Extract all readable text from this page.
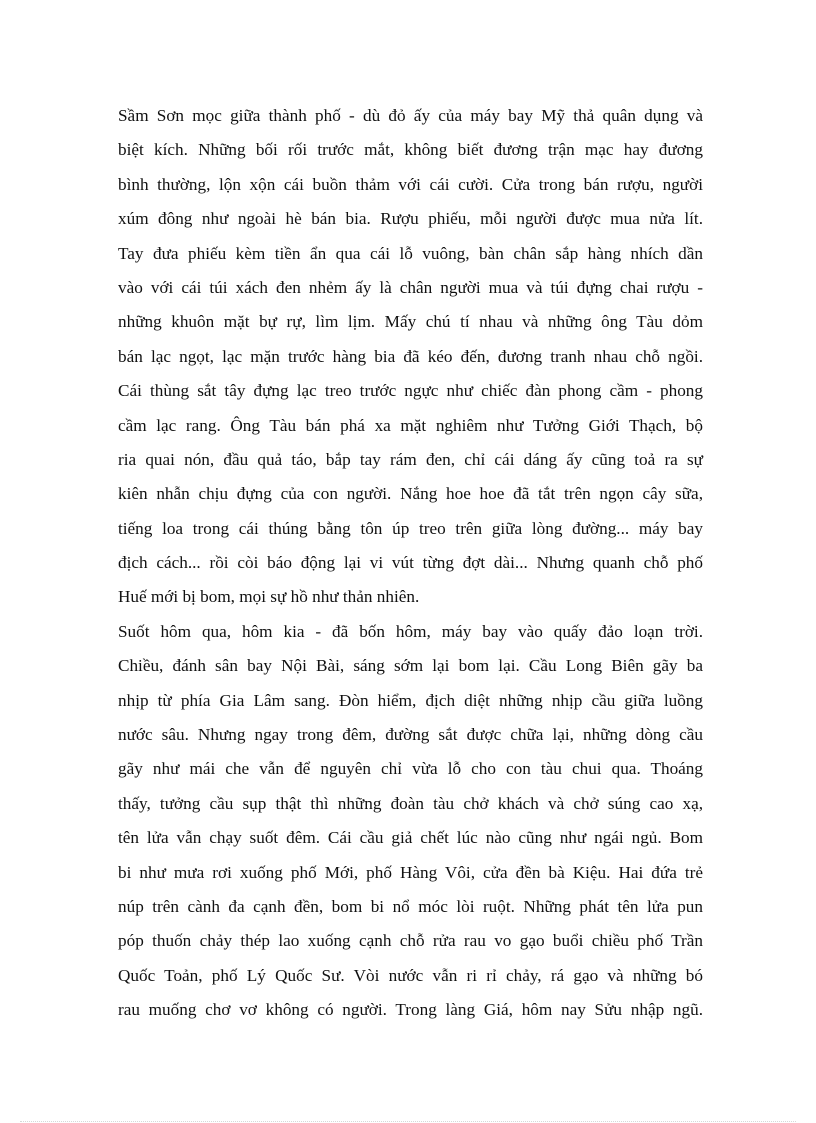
Sầm Sơn mọc giữa thành phố - dù đỏ ấy của máy bay Mỹ thả quân dụng và
biệt kích. Những bối rối trước mắt, không biết đương trận mạc hay đương
bình thường, lộn xộn cái buồn thảm với cái cười. Cửa trong bán rượu, người
xúm đông như ngoài hè bán bia. Rượu phiếu, mỗi người được mua nửa lít.
Tay đưa phiếu kèm tiền ẩn qua cái lỗ vuông, bàn chân sắp hàng nhích dần
vào với cái túi xách đen nhẻm ấy là chân người mua và túi đựng chai rượu -
những khuôn mặt bự rự, lìm lịm. Mấy chú tí nhau và những ông Tàu dỏm
bán lạc ngọt, lạc mặn trước hàng bia đã kéo đến, đương tranh nhau chỗ ngồi.
Cái thùng sắt tây đựng lạc treo trước ngực như chiếc đàn phong cầm - phong
cầm lạc rang. Ông Tàu bán phá xa mặt nghiêm như Tưởng Giới Thạch, bộ
ria quai nón, đầu quả táo, bắp tay rám đen, chỉ cái dáng ấy cũng toả ra sự
kiên nhẫn chịu đựng của con người. Nắng hoe hoe đã tắt trên ngọn cây sữa,
tiếng loa trong cái thúng bằng tôn úp treo trên giữa lòng đường... máy bay
địch cách... rồi còi báo động lại vi vút từng đợt dài... Nhưng quanh chỗ phố
Huế mới bị bom, mọi sự hồ như thản nhiên.
Suốt hôm qua, hôm kia - đã bốn hôm, máy bay vào quấy đảo loạn trời.
Chiều, đánh sân bay Nội Bài, sáng sớm lại bom lại. Cầu Long Biên gãy ba
nhịp từ phía Gia Lâm sang. Đòn hiểm, địch diệt những nhịp cầu giữa luồng
nước sâu. Nhưng ngay trong đêm, đường sắt được chữa lại, những dòng cầu
gãy như mái che vẫn để nguyên chỉ vừa lỗ cho con tàu chui qua. Thoáng
thấy, tưởng cầu sụp thật thì những đoàn tàu chở khách và chở súng cao xạ,
tên lửa vẫn chạy suốt đêm. Cái cầu giả chết lúc nào cũng như ngái ngủ. Bom
bi như mưa rơi xuống phố Mới, phố Hàng Vôi, cửa đền bà Kiệu. Hai đứa trẻ
núp trên cành đa cạnh đền, bom bi nổ móc lòi ruột. Những phát tên lửa pun
póp thuốn chảy thép lao xuống cạnh chỗ rửa rau vo gạo buổi chiều phố Trần
Quốc Toản, phố Lý Quốc Sư. Vòi nước vẫn ri rỉ chảy, rá gạo và những bó
rau muống chơ vơ không có người. Trong làng Giá, hôm nay Sửu nhập ngũ.
